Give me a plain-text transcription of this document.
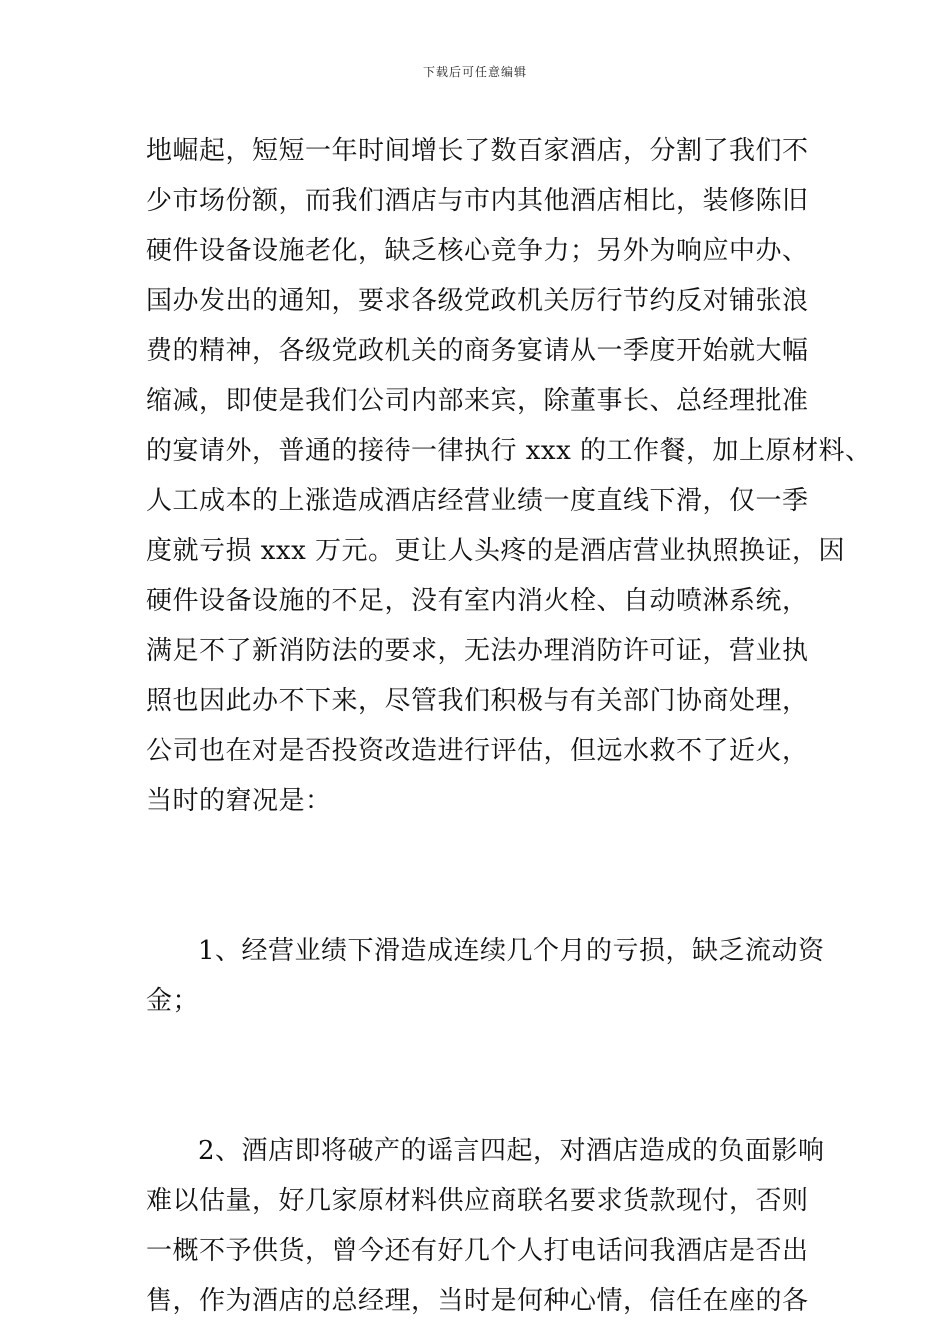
下载后可任意编辑
地崛起，短短一年时间增长了数百家酒店，分割了我们不
少市场份额，而我们酒店与市内其他酒店相比，装修陈旧
硬件设备设施老化，缺乏核心竞争力；另外为响应中办、
国办发出的通知，要求各级党政机关厉行节约反对铺张浪
费的精神，各级党政机关的商务宴请从一季度开始就大幅
缩减，即使是我们公司内部来宾，除董事长、总经理批准
的宴请外，普通的接待一律执行 xxx 的工作餐，加上原材料、
人工成本的上涨造成酒店经营业绩一度直线下滑，仅一季
度就亏损 xxx 万元。更让人头疼的是酒店营业执照换证，因
硬件设备设施的不足，没有室内消火栓、自动喷淋系统，
满足不了新消防法的要求，无法办理消防许可证，营业执
照也因此办不下来，尽管我们积极与有关部门协商处理，
公司也在对是否投资改造进行评估，但远水救不了近火，
当时的窘况是：
1、经营业绩下滑造成连续几个月的亏损，缺乏流动资
金；
2、酒店即将破产的谣言四起，对酒店造成的负面影响
难以估量，好几家原材料供应商联名要求货款现付，否则
一概不予供货，曾今还有好几个人打电话问我酒店是否出
售，作为酒店的总经理，当时是何种心情，信任在座的各
